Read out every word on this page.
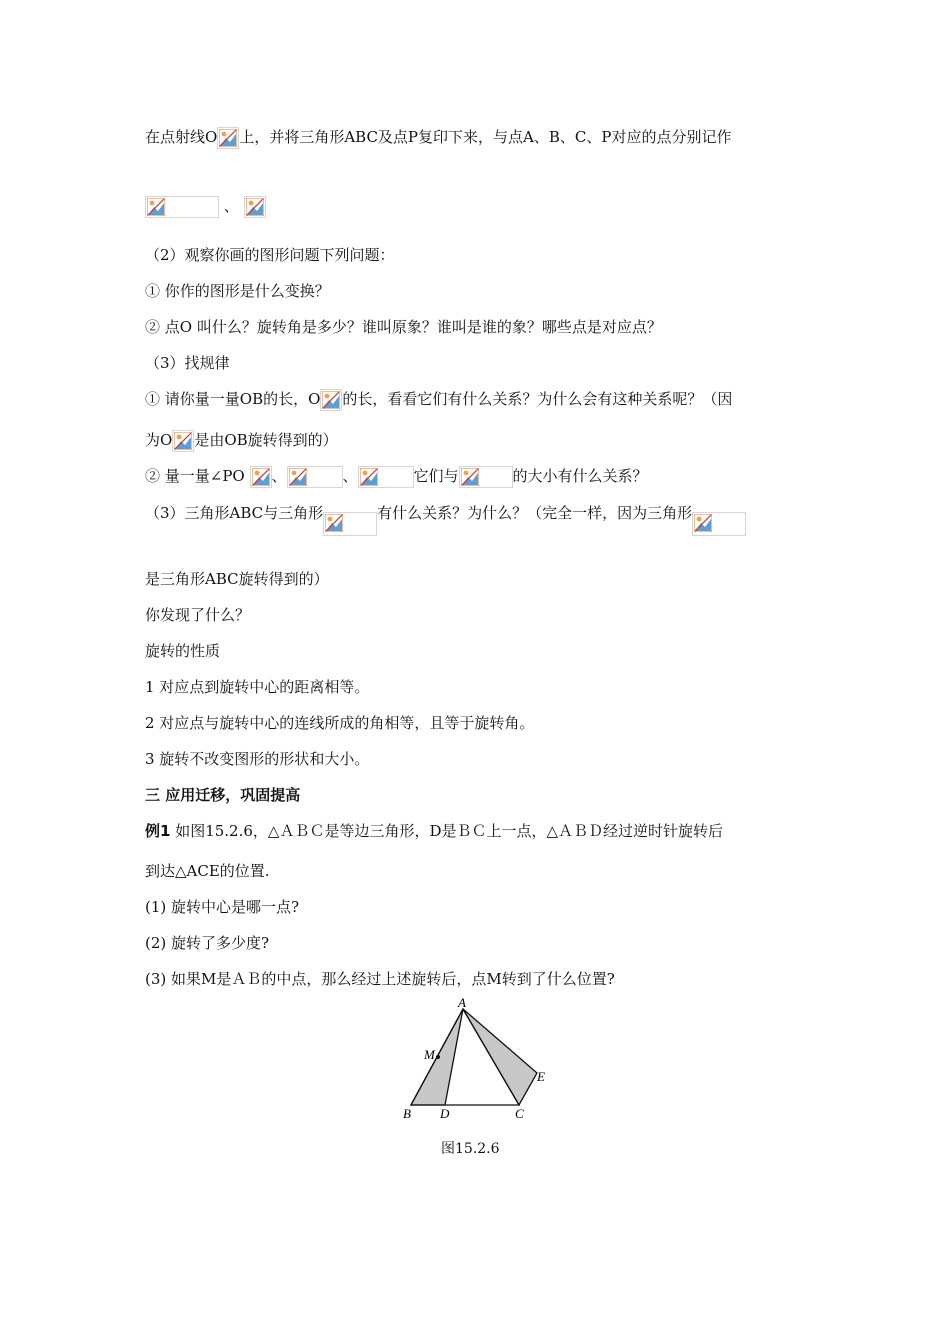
在点射线O 上，并将三角形ABC及点P复印下来，与点A、B、C、P对应的点分别记作
、
（2）观察你画的图形问题下列问题：
① 你作的图形是什么变换？
② 点O 叫什么？旋转角是多少？谁叫原象？谁叫是谁的象？哪些点是对应点？
（3）找规律
① 请你量一量OB的长，O 的长，看看它们有什么关系？为什么会有这种关系呢？（因
为O 是由OB旋转得到的）
② 量一量∠PO
、	、	它们与	的大小有什么关系？
（3）三角形ABC与三角形	有什么关系？为什么？（完全一样，因为三角形
是三角形ABC旋转得到的）
你发现了什么？
旋转的性质
1 对应点到旋转中心的距离相等。
2 对应点与旋转中心的连线所成的角相等，且等于旋转角。
3 旋转不改变图形的形状和大小。
三 应用迁移，巩固提高
例1 如图15.2.6，△ＡＢＣ是等边三角形，D是ＢＣ上一点，△ＡＢＤ经过逆时针旋转后
到达△ACE的位置.
(1) 旋转中心是哪一点?
(2) 旋转了多少度?
(3) 如果M是ＡＢ的中点，那么经过上述旋转后，点M转到了什么位置?
A
M
E
B D	C
图15.2.6
